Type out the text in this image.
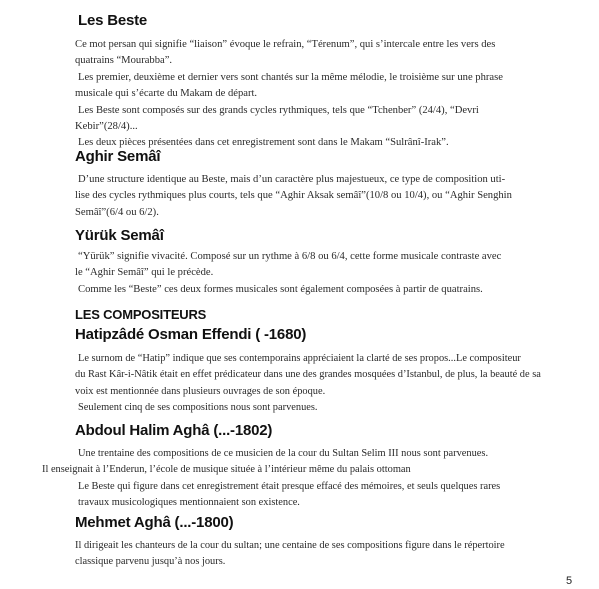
Les Beste
Ce mot persan qui signifie “liaison” évoque le refrain, “Térenum”, qui s’intercale entre les vers des
quatrains “Mourabba”.
Les premier, deuxième et dernier vers sont chantés sur la même mélodie, le troisième sur une phrase
musicale qui s’écarte du Makam de départ.
Les Beste sont composés sur des grands cycles rythmiques, tels que “Tchenber” (24/4), “Devri
Kebir”(28/4)...
Les deux pièces présentées dans cet enregistrement sont dans le Makam “Sulrânî-Irak”.
Aghir Semâî
D’une structure identique au Beste, mais d’un caractère plus majestueux, ce type de composition uti-
lise des cycles rythmiques plus courts, tels que “Aghir Aksak semâî”(10/8 ou 10/4), ou “Aghir Senghin
Semâî”(6/4 ou 6/2).
Yürük Semâî
“Yürük” signifie vivacité. Composé sur un rythme à 6/8 ou 6/4, cette forme musicale contraste avec
le “Aghir Semâî” qui le précède.
Comme les “Beste” ces deux formes musicales sont également composées à partir de quatrains.
LES COMPOSITEURS
Hatipzâdé Osman Effendi ( -1680)
Le surnom de “Hatip” indique que ses contemporains appréciaient la clarté de ses propos...Le compositeur
du Rast Kâr-i-Nâtik était en effet prédicateur dans une des grandes mosquées d’Istanbul, de plus, la beauté de sa
voix est mentionnée dans plusieurs ouvrages de son époque.
Seulement cinq de ses compositions nous sont parvenues.
Abdoul Halim Aghâ (...-1802)
Une trentaine des compositions de ce musicien de la cour du Sultan Selim III nous sont parvenues.
Il enseignait à l’Enderun, l’école de musique située à l’intérieur même du palais ottoman
Le Beste qui figure dans cet enregistrement était presque effacé des mémoires, et seuls quelques rares
travaux musicologiques mentionnaient son existence.
Mehmet Aghâ (...-1800)
Il dirigeait les chanteurs de la cour du sultan; une centaine de ses compositions figure dans le répertoire
classique parvenu jusqu’à nos jours.
5
